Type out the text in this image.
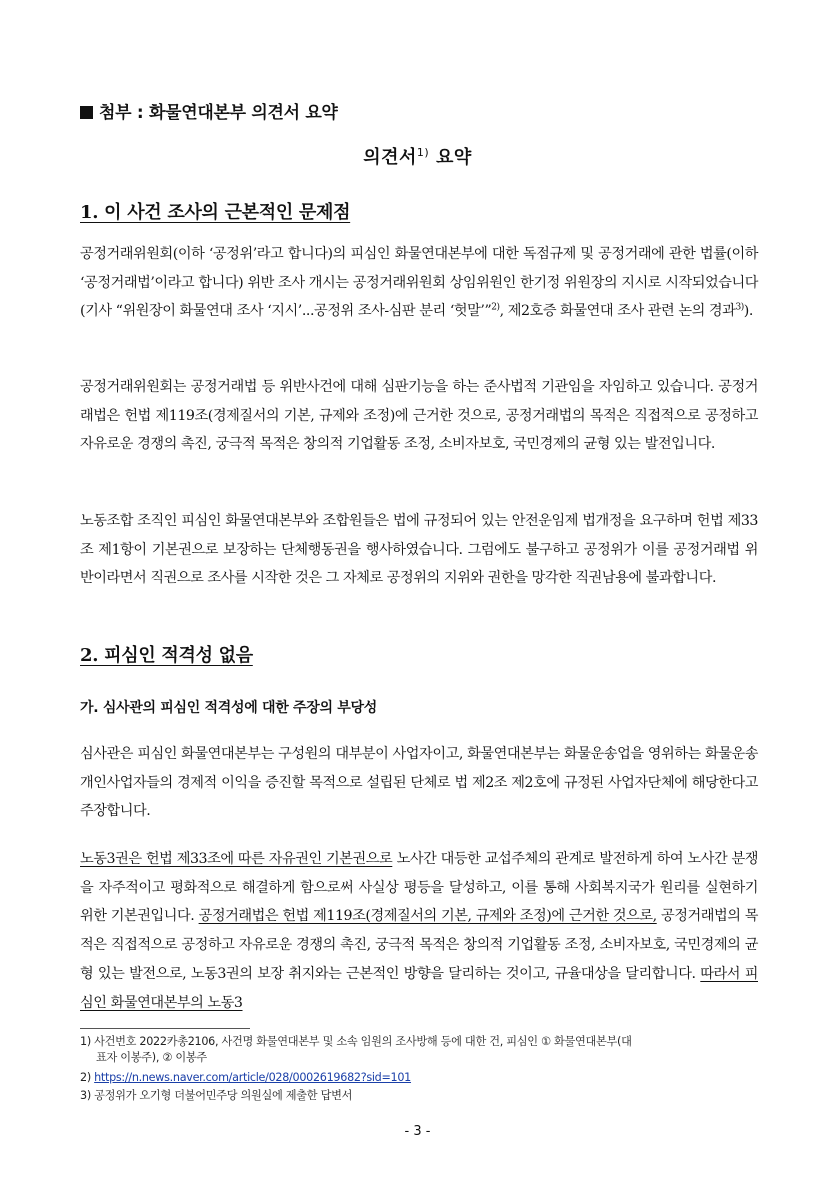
첨부 : 화물연대본부 의견서 요약
의견서$^{1)}$ 요약
1. 이 사건 조사의 근본적인 문제점
공정거래위원회(이하 ‘공정위’라고 합니다)의 피심인 화물연대본부에 대한 독점규제 및 공정거래에 관한 법률(이하 ‘공정거래법’이라고 합니다) 위반 조사 개시는 공정거래위원회 상임위원인 한기정 위원장의 지시로 시작되었습니다(기사 “위원장이 화물연대 조사 ‘지시’...공정위 조사-심판 분리 ‘헛말’”$^{2)}$, 제2호증 화물연대 조사 관련 논의 경과$^{3)}$).
공정거래위원회는 공정거래법 등 위반사건에 대해 심판기능을 하는 준사법적 기관임을 자임하고 있습니다. 공정거래법은 헌법 제119조(경제질서의 기본, 규제와 조정)에 근거한 것으로, 공정거래법의 목적은 직접적으로 공정하고 자유로운 경쟁의 촉진, 궁극적 목적은 창의적 기업활동 조정, 소비자보호, 국민경제의 균형 있는 발전입니다.
노동조합 조직인 피심인 화물연대본부와 조합원들은 법에 규정되어 있는 안전운임제 법개정을 요구하며 헌법 제33조 제1항이 기본권으로 보장하는 단체행동권을 행사하였습니다. 그럼에도 불구하고 공정위가 이를 공정거래법 위반이라면서 직권으로 조사를 시작한 것은 그 자체로 공정위의 지위와 권한을 망각한 직권남용에 불과합니다.
2. 피심인 적격성 없음
가. 심사관의 피심인 적격성에 대한 주장의 부당성
심사관은 피심인 화물연대본부는 구성원의 대부분이 사업자이고, 화물연대본부는 화물운송업을 영위하는 화물운송 개인사업자들의 경제적 이익을 증진할 목적으로 설립된 단체로 법 제2조 제2호에 규정된 사업자단체에 해당한다고 주장합니다.
노동3권은 헌법 제33조에 따른 자유권인 기본권으로 노사간 대등한 교섭주체의 관계로 발전하게 하여 노사간 분쟁을 자주적이고 평화적으로 해결하게 함으로써 사실상 평등을 달성하고, 이를 통해 사회복지국가 원리를 실현하기 위한 기본권입니다. 공정거래법은 헌법 제119조(경제질서의 기본, 규제와 조정)에 근거한 것으로, 공정거래법의 목적은 직접적으로 공정하고 자유로운 경쟁의 촉진, 궁극적 목적은 창의적 기업활동 조정, 소비자보호, 국민경제의 균형 있는 발전으로, 노동3권의 보장 취지와는 근본적인 방향을 달리하는 것이고, 규율대상을 달리합니다. 따라서 피심인 화물연대본부의 노동3
1) 사건번호 2022카총2106, 사건명 화물연대본부 및 소속 임원의 조사방해 등에 대한 건, 피심인 ① 화물연대본부(대
표자 이봉주), ② 이봉주
2) https://n.news.naver.com/article/028/0002619682?sid=101
3) 공정위가 오기형 더불어민주당 의원실에 제출한 답변서
- 3 -
